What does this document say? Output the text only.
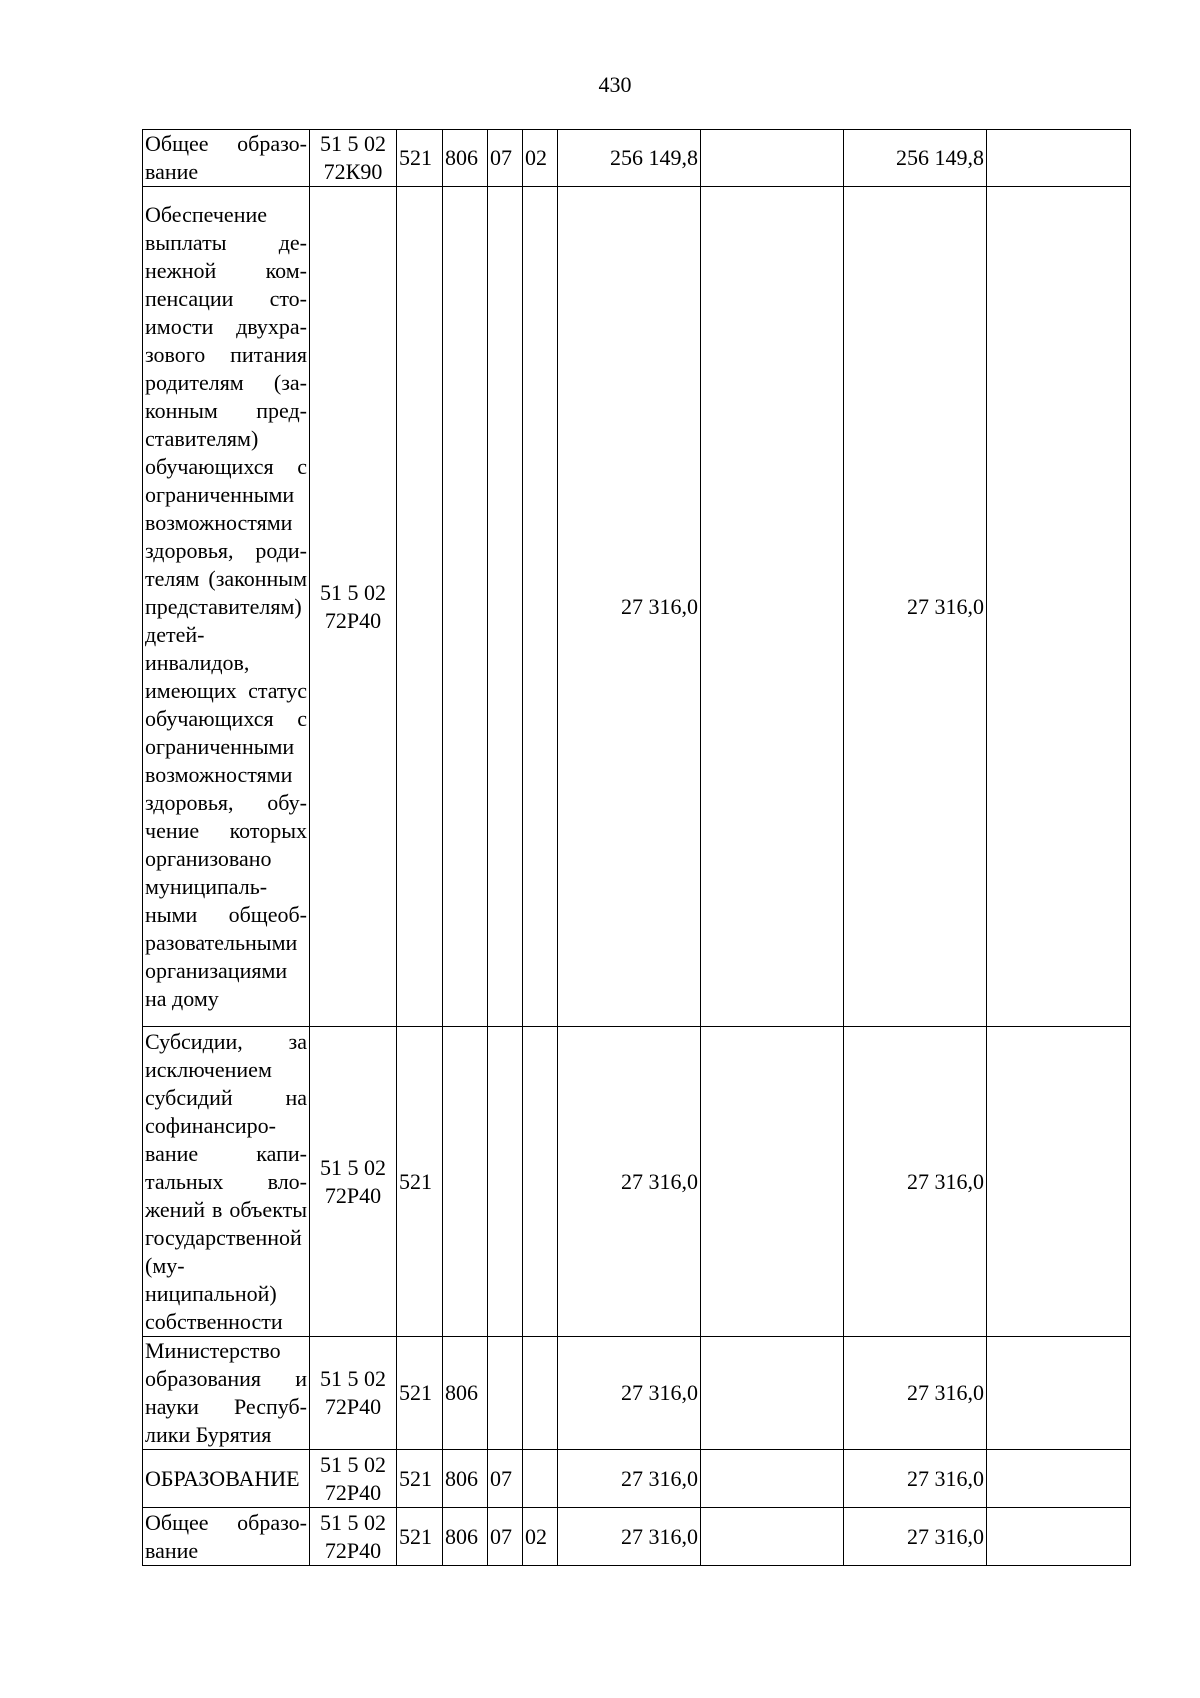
430
Общее образование	51 5 02 72К90	521	806	07	02	256 149,8		256 149,8	
Обеспечение выплаты денежной компенсации стоимости двухразового питания родителям (законным представителям) обучающихся с ограниченными возможностями здоровья, родителям (законным представителям) детей-инвалидов, имеющих статус обучающихся с ограниченными возможностями здоровья, обучение которых организовано муниципальными общеобразовательными организациями на дому	51 5 02 72Р40					27 316,0		27 316,0	
Субсидии, за исключением субсидий на софинансирование капитальных вложений в объекты государственной (муниципальной) собственности	51 5 02 72Р40	521				27 316,0		27 316,0	
Министерство образования и науки Республики Бурятия	51 5 02 72Р40	521	806			27 316,0		27 316,0	
ОБРАЗОВАНИЕ	51 5 02 72Р40	521	806	07		27 316,0		27 316,0	
Общее образование	51 5 02 72Р40	521	806	07	02	27 316,0		27 316,0	
